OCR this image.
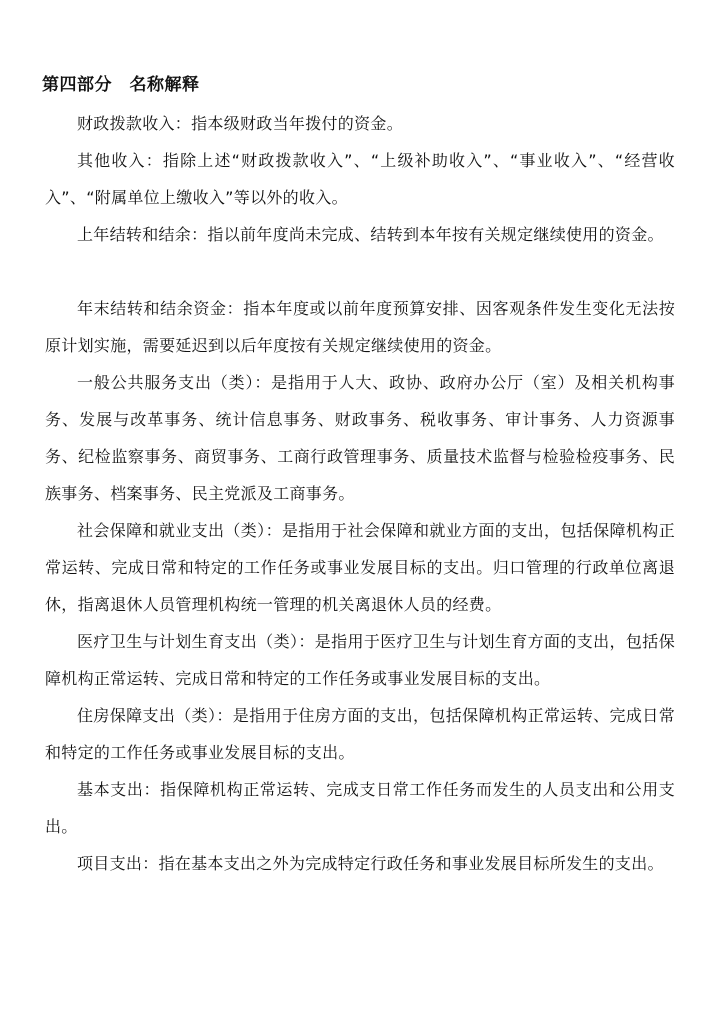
第四部分　名称解释

财政拨款收入：指本级财政当年拨付的资金。

其他收入：指除上述“财政拨款收入”、“上级补助收入”、“事业收入”、“经营收入”、“附属单位上缴收入”等以外的收入。

上年结转和结余：指以前年度尚未完成、结转到本年按有关规定继续使用的资金。

年末结转和结余资金：指本年度或以前年度预算安排、因客观条件发生变化无法按原计划实施，需要延迟到以后年度按有关规定继续使用的资金。

一般公共服务支出（类）：是指用于人大、政协、政府办公厅（室）及相关机构事务、发展与改革事务、统计信息事务、财政事务、税收事务、审计事务、人力资源事务、纪检监察事务、商贸事务、工商行政管理事务、质量技术监督与检验检疫事务、民族事务、档案事务、民主党派及工商事务。

社会保障和就业支出（类）：是指用于社会保障和就业方面的支出，包括保障机构正常运转、完成日常和特定的工作任务或事业发展目标的支出。归口管理的行政单位离退休，指离退休人员管理机构统一管理的机关离退休人员的经费。

医疗卫生与计划生育支出（类）：是指用于医疗卫生与计划生育方面的支出，包括保障机构正常运转、完成日常和特定的工作任务或事业发展目标的支出。

住房保障支出（类）：是指用于住房方面的支出，包括保障机构正常运转、完成日常和特定的工作任务或事业发展目标的支出。

基本支出：指保障机构正常运转、完成支日常工作任务而发生的人员支出和公用支出。

项目支出：指在基本支出之外为完成特定行政任务和事业发展目标所发生的支出。
